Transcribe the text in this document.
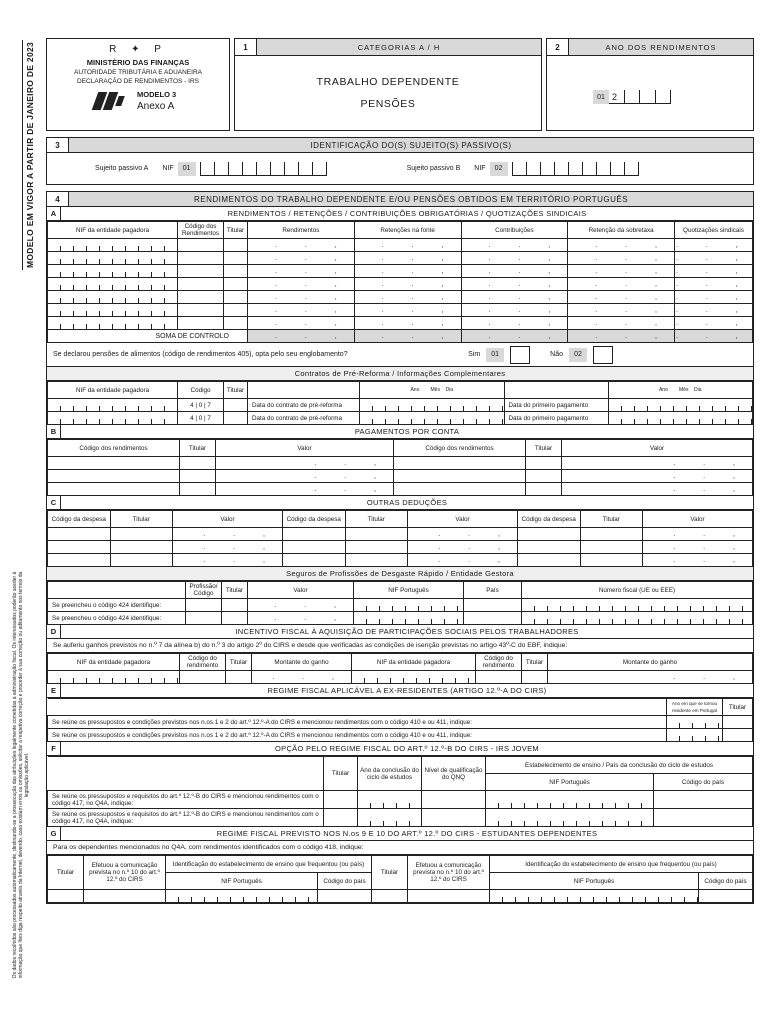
MODELO EM VIGOR A PARTIR DE JANEIRO DE 2023
Os dados recolhidos são processados automaticamente, destinando-se a prossecução das atribuições legalmente cometidas à administração fiscal. Os interessados poderão aceder à informação que lhes diga respeito através da Internet, devendo, caso existam erros ou omissões, solicitar a respetiva correção e proceder à sua correção ou aditamento nos termos da legislação aplicável.
R ✦ P
MINISTÉRIO DAS FINANÇAS
AUTORIDADE TRIBUTÁRIA E ADUANEIRA
DECLARAÇÃO DE RENDIMENTOS - IRS
MODELO 3
Anexo A
1	CATEGORIAS A / H
TRABALHO DEPENDENTE
PENSÕES
2	ANO DOS RENDIMENTOS
01 2
3	IDENTIFICAÇÃO DO(S) SUJEITO(S) PASSIVO(S)
Sujeito passivo A NIF	01	Sujeito passivo B NIF	02
4	RENDIMENTOS DO TRABALHO DEPENDENTE E/OU PENSÕES OBTIDOS EM TERRITÓRIO PORTUGUÊS
A	RENDIMENTOS / RETENÇÕES / CONTRIBUIÇÕES OBRIGATÓRIAS / QUOTIZAÇÕES SINDICAIS
NIF da entidade pagadora	Código dos Rendimentos	Titular	Rendimentos	Retenções na fonte	Contribuições	Retenção da sobretaxa	Quotizações sindicais
			. . ,	. . ,	. . ,	. . ,	. . ,
			. . ,	. . ,	. . ,	. . ,	. . ,
			. . ,	. . ,	. . ,	. . ,	. . ,
			. . ,	. . ,	. . ,	. . ,	. . ,
			. . ,	. . ,	. . ,	. . ,	. . ,
			. . ,	. . ,	. . ,	. . ,	. . ,
			. . ,	. . ,	. . ,	. . ,	. . ,
SOMA DE CONTROLO			. . ,	. . ,	. . ,	. . ,	. . ,
Se declarou pensões de alimentos (código de rendimentos 405), opta pelo seu englobamento?	Sim	01	Não	02
Contratos de Pré-Reforma / Informações Complementares
NIF da entidade pagadora	Código	Titular		Ano Mês Dia		Ano Mês Dia
	4 | 0 | 7		Data do contrato de pré-reforma		Data do primeiro pagamento	
	4 | 0 | 7		Data do contrato de pré-reforma		Data do primeiro pagamento	
B	PAGAMENTOS POR CONTA
Código dos rendimentos	Titular	Valor	Código dos rendimentos	Titular	Valor
		. . ,			. . ,
		. . ,			. . ,
		. . ,			. . ,
C	OUTRAS DEDUÇÕES
Código da despesa	Titular	Valor	Código da despesa	Titular	Valor	Código da despesa	Titular	Valor
		. . ,			. . ,			. . ,
		. . ,			. . ,			. . ,
		. . ,			. . ,			. . ,
Seguros de Profissões de Desgaste Rápido / Entidade Gestora
	Profissão/ Código	Titular	Valor	NIF Português	País	Número fiscal (UE ou EEE)
Se preencheu o código 424 identifique:			. . ,			
Se preencheu o código 424 identifique:			. . ,			
D	INCENTIVO FISCAL À AQUISIÇÃO DE PARTICIPAÇÕES SOCIAIS PELOS TRABALHADORES
Se auferiu ganhos previstos no n.º 7 da alínea b) do n.º 3 do artigo 2º do CIRS e desde que verificadas as condições de isenção previstas no artigo 43º-C do EBF, indique:
NIF da entidade pagadora	Código do rendimento	Titular	Montante do ganho	NIF da entidade pagadora	Código do rendimento	Titular	Montante do ganho
			. . ,				. . ,
E	REGIME FISCAL APLICÁVEL A EX-RESIDENTES (ARTIGO 12.º-A DO CIRS)
	Ano em que se tornou residente em Portugal	Titular
Se reúne os pressupostos e condições previstos nos n.os 1 e 2 do art.º 12.º-A do CIRS e mencionou rendimentos com o código 410 e ou 411, indique:		
Se reúne os pressupostos e condições previstos nos n.os 1 e 2 do art.º 12.º-A do CIRS e mencionou rendimentos com o código 410 e ou 411, indique:		
F	OPÇÃO PELO REGIME FISCAL DO ART.º 12.º-B DO CIRS - IRS JOVEM
	Titular	Ano da conclusão do ciclo de estudos	Nível de qualificação do QNQ	Estabelecimento de ensino / País da conclusão do ciclo de estudos	
				NIF Português	Código do país
Se reúne os pressupostos e requisitos do art.º 12.º-B do CIRS e mencionou rendimentos com o código 417, no Q4A, indique:					
Se reúne os pressupostos e requisitos do art.º 12.º-B do CIRS e mencionou rendimentos com o código 417, no Q4A, indique:					
G	REGIME FISCAL PREVISTO NOS N.os 9 E 10 DO ART.º 12.º DO CIRS - ESTUDANTES DEPENDENTES
Para os dependentes mencionados no Q4A, com rendimentos identificados com o código 418, indique:
Titular	Efetuou a comunicação prevista no n.º 10 do art.º 12.º do CIRS	Identificação do estabelecimento de ensino que frequentou (ou país)		Titular	Efetuou a comunicação prevista no n.º 10 do art.º 12.º do CIRS	Identificação do estabelecimento de ensino que frequentou (ou país)	
		NIF Português	Código do país			NIF Português	Código do país
